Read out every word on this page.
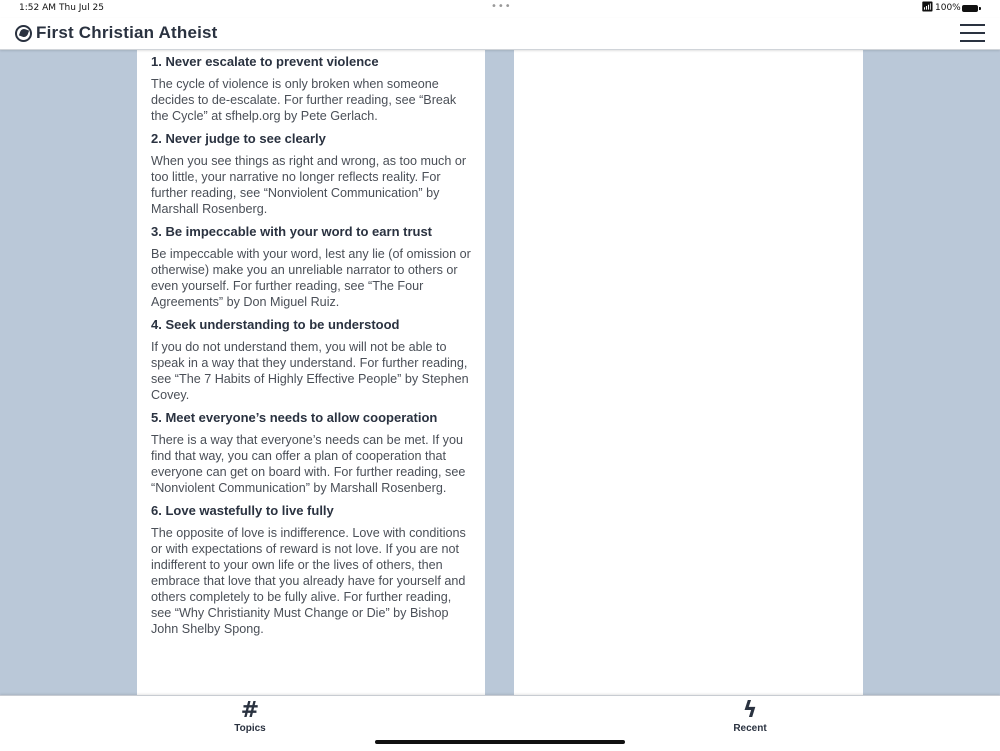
1:52 AM Thu Jul 25	•••	📶︎ 100%
First Christian Atheist
1. Never escalate to prevent violence

The cycle of violence is only broken when someone decides to de-escalate. For further reading, see “Break the Cycle” at sfhelp.org by Pete Gerlach.

2. Never judge to see clearly

When you see things as right and wrong, as too much or too little, your narrative no longer reflects reality. For further reading, see “Nonviolent Communication” by Marshall Rosenberg.

3. Be impeccable with your word to earn trust

Be impeccable with your word, lest any lie (of omission or otherwise) make you an unreliable narrator to others or even yourself. For further reading, see “The Four Agreements” by Don Miguel Ruiz.

4. Seek understanding to be understood

If you do not understand them, you will not be able to speak in a way that they understand. For further reading, see “The 7 Habits of Highly Effective People” by Stephen Covey.

5. Meet everyone’s needs to allow cooperation

There is a way that everyone’s needs can be met. If you find that way, you can offer a plan of cooperation that everyone can get on board with. For further reading, see “Nonviolent Communication” by Marshall Rosenberg.

6. Love wastefully to live fully

The opposite of love is indifference. Love with conditions or with expectations of reward is not love. If you are not indifferent to your own life or the lives of others, then embrace that love that you already have for yourself and others completely to be fully alive. For further reading, see “Why Christianity Must Change or Die” by Bishop John Shelby Spong.

#
Topics
ϟ
Recent
